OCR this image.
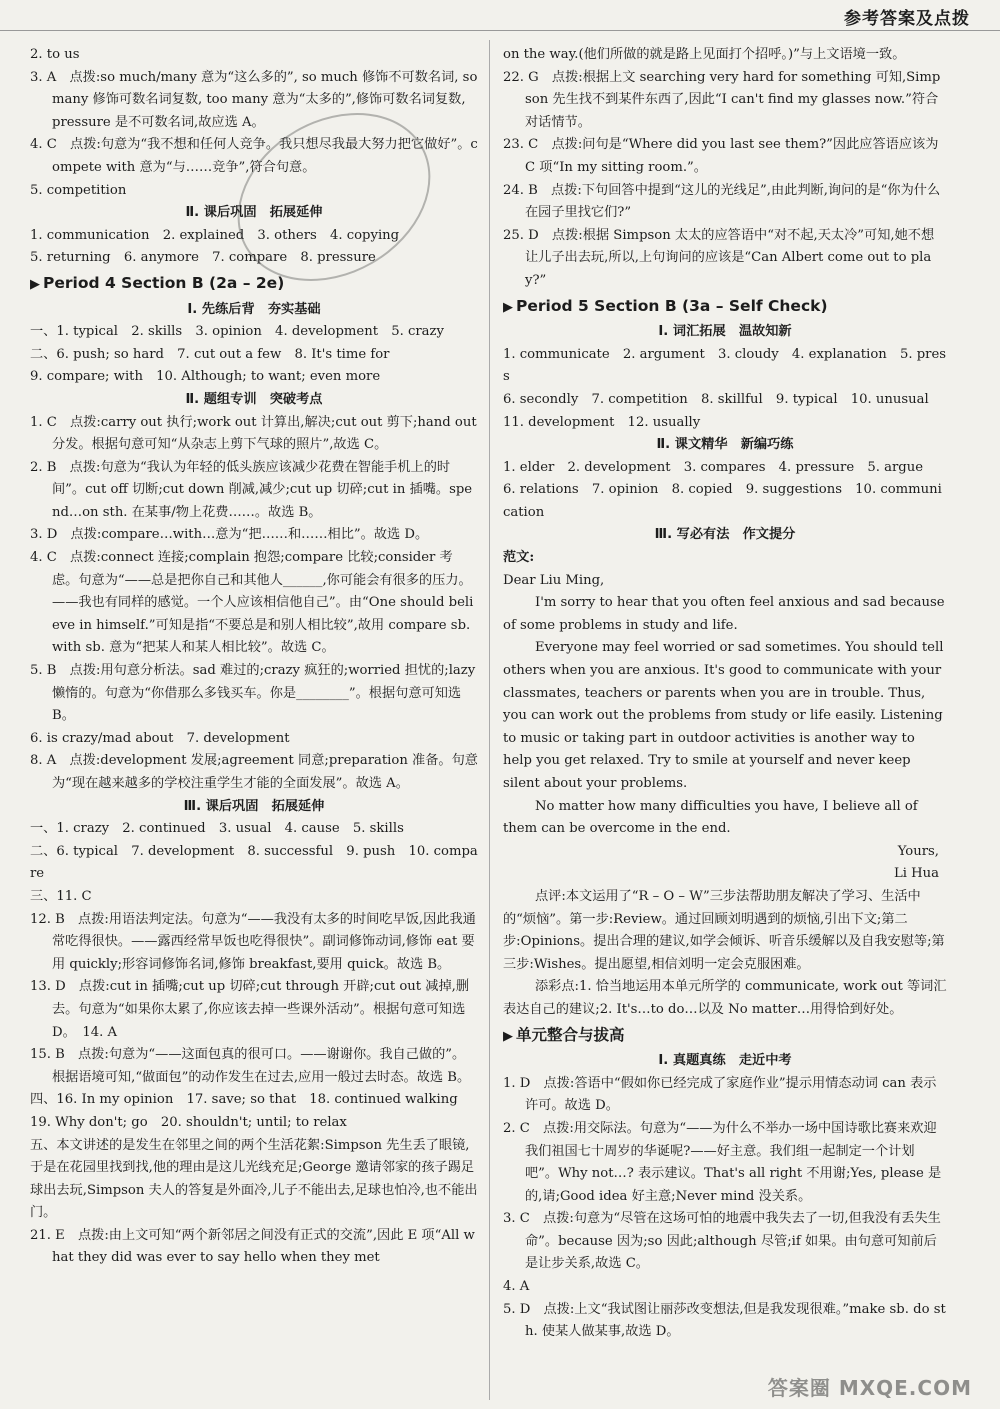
参考答案及点拨
2. to us
3. A　点拨:so much/many 意为“这么多的”, so much 修饰不可数名词, so many 修饰可数名词复数, too many 意为“太多的”,修饰可数名词复数, pressure 是不可数名词,故应选 A。
4. C　点拨:句意为“我不想和任何人竞争。我只想尽我最大努力把它做好”。compete with 意为“与……竞争”,符合句意。
5. competition
Ⅱ. 课后巩固　拓展延伸
1. communication　2. explained　3. others　4. copying
5. returning　6. anymore　7. compare　8. pressure
▶ Period 4 Section B (2a – 2e)
Ⅰ. 先练后背　夯实基础
一、1. typical　2. skills　3. opinion　4. development　5. crazy
二、6. push; so hard　7. cut out a few　8. It's time for
9. compare; with　10. Although; to want; even more
Ⅱ. 题组专训　突破考点
1. C　点拨:carry out 执行;work out 计算出,解决;cut out 剪下;hand out 分发。根据句意可知“从杂志上剪下气球的照片”,故选 C。
2. B　点拨:句意为“我认为年轻的低头族应该减少花费在智能手机上的时间”。cut off 切断;cut down 削减,减少;cut up 切碎;cut in 插嘴。spend…on sth. 在某事/物上花费……。故选 B。
3. D　点拨:compare…with…意为“把……和……相比”。故选 D。
4. C　点拨:connect 连接;complain 抱怨;compare 比较;consider 考虑。句意为“——总是把你自己和其他人______,你可能会有很多的压力。——我也有同样的感觉。一个人应该相信他自己”。由“One should believe in himself.”可知是指“不要总是和别人相比较”,故用 compare sb. with sb. 意为“把某人和某人相比较”。故选 C。
5. B　点拨:用句意分析法。sad 难过的;crazy 疯狂的;worried 担忧的;lazy 懒惰的。句意为“你借那么多钱买车。你是________”。根据句意可知选 B。
6. is crazy/mad about　7. development
8. A　点拨:development 发展;agreement 同意;preparation 准备。句意为“现在越来越多的学校注重学生才能的全面发展”。故选 A。
Ⅲ. 课后巩固　拓展延伸
一、1. crazy　2. continued　3. usual　4. cause　5. skills
二、6. typical　7. development　8. successful　9. push　10. compare
三、11. C
12. B　点拨:用语法判定法。句意为“——我没有太多的时间吃早饭,因此我通常吃得很快。——露西经常早饭也吃得很快”。副词修饰动词,修饰 eat 要用 quickly;形容词修饰名词,修饰 breakfast,要用 quick。故选 B。
13. D　点拨:cut in 插嘴;cut up 切碎;cut through 开辟;cut out 减掉,删去。句意为“如果你太累了,你应该去掉一些课外活动”。根据句意可知选 D。　14. A
15. B　点拨:句意为“——这面包真的很可口。——谢谢你。我自己做的”。根据语境可知,“做面包”的动作发生在过去,应用一般过去时态。故选 B。
四、16. In my opinion　17. save; so that　18. continued walking
19. Why don't; go　20. shouldn't; until; to relax
五、本文讲述的是发生在邻里之间的两个生活花絮:Simpson 先生丢了眼镜,于是在花园里找到找,他的理由是这儿光线充足;George 邀请邻家的孩子踢足球出去玩,Simpson 夫人的答复是外面冷,儿子不能出去,足球也怕冷,也不能出门。
21. E　点拨:由上文可知“两个新邻居之间没有正式的交流”,因此 E 项“All what they did was ever to say hello when they met
on the way.(他们所做的就是路上见面打个招呼。)”与上文语境一致。
22. G　点拨:根据上文 searching very hard for something 可知,Simpson 先生找不到某件东西了,因此“I can't find my glasses now.”符合对话情节。
23. C　点拨:问句是“Where did you last see them?”因此应答语应该为 C 项“In my sitting room.”。
24. B　点拨:下句回答中提到“这儿的光线足”,由此判断,询问的是“你为什么在园子里找它们?”
25. D　点拨:根据 Simpson 太太的应答语中“对不起,天太冷”可知,她不想让儿子出去玩,所以,上句询问的应该是“Can Albert come out to play?”
▶ Period 5 Section B (3a – Self Check)
Ⅰ. 词汇拓展　温故知新
1. communicate　2. argument　3. cloudy　4. explanation　5. press
6. secondly　7. competition　8. skillful　9. typical　10. unusual
11. development　12. usually
Ⅱ. 课文精华　新编巧练
1. elder　2. development　3. compares　4. pressure　5. argue
6. relations　7. opinion　8. copied　9. suggestions　10. communication
Ⅲ. 写必有法　作文提分
范文:
Dear Liu Ming,
I'm sorry to hear that you often feel anxious and sad because of some problems in study and life.
Everyone may feel worried or sad sometimes. You should tell others when you are anxious. It's good to communicate with your classmates, teachers or parents when you are in trouble. Thus, you can work out the problems from study or life easily. Listening to music or taking part in outdoor activities is another way to help you get relaxed. Try to smile at yourself and never keep silent about your problems.
No matter how many difficulties you have, I believe all of them can be overcome in the end.
Yours,
Li Hua
点评:本文运用了“R – O – W”三步法帮助朋友解决了学习、生活中的“烦恼”。第一步:Review。通过回顾刘明遇到的烦恼,引出下文;第二步:Opinions。提出合理的建议,如学会倾诉、听音乐缓解以及自我安慰等;第三步:Wishes。提出愿望,相信刘明一定会克服困难。
添彩点:1. 恰当地运用本单元所学的 communicate, work out 等词汇表达自己的建议;2. It's…to do…以及 No matter…用得恰到好处。
▶ 单元整合与拔高
Ⅰ. 真题真练　走近中考
1. D　点拨:答语中“假如你已经完成了家庭作业”提示用情态动词 can 表示许可。故选 D。
2. C　点拨:用交际法。句意为“——为什么不举办一场中国诗歌比赛来欢迎我们祖国七十周岁的华诞呢?——好主意。我们组一起制定一个计划吧”。Why not…? 表示建议。That's all right 不用谢;Yes, please 是的,请;Good idea 好主意;Never mind 没关系。
3. C　点拨:句意为“尽管在这场可怕的地震中我失去了一切,但我没有丢失生命”。because 因为;so 因此;although 尽管;if 如果。由句意可知前后是让步关系,故选 C。
4. A
5. D　点拨:上文“我试图让丽莎改变想法,但是我发现很难。”make sb. do sth. 使某人做某事,故选 D。
答案圈 MXQE.COM
